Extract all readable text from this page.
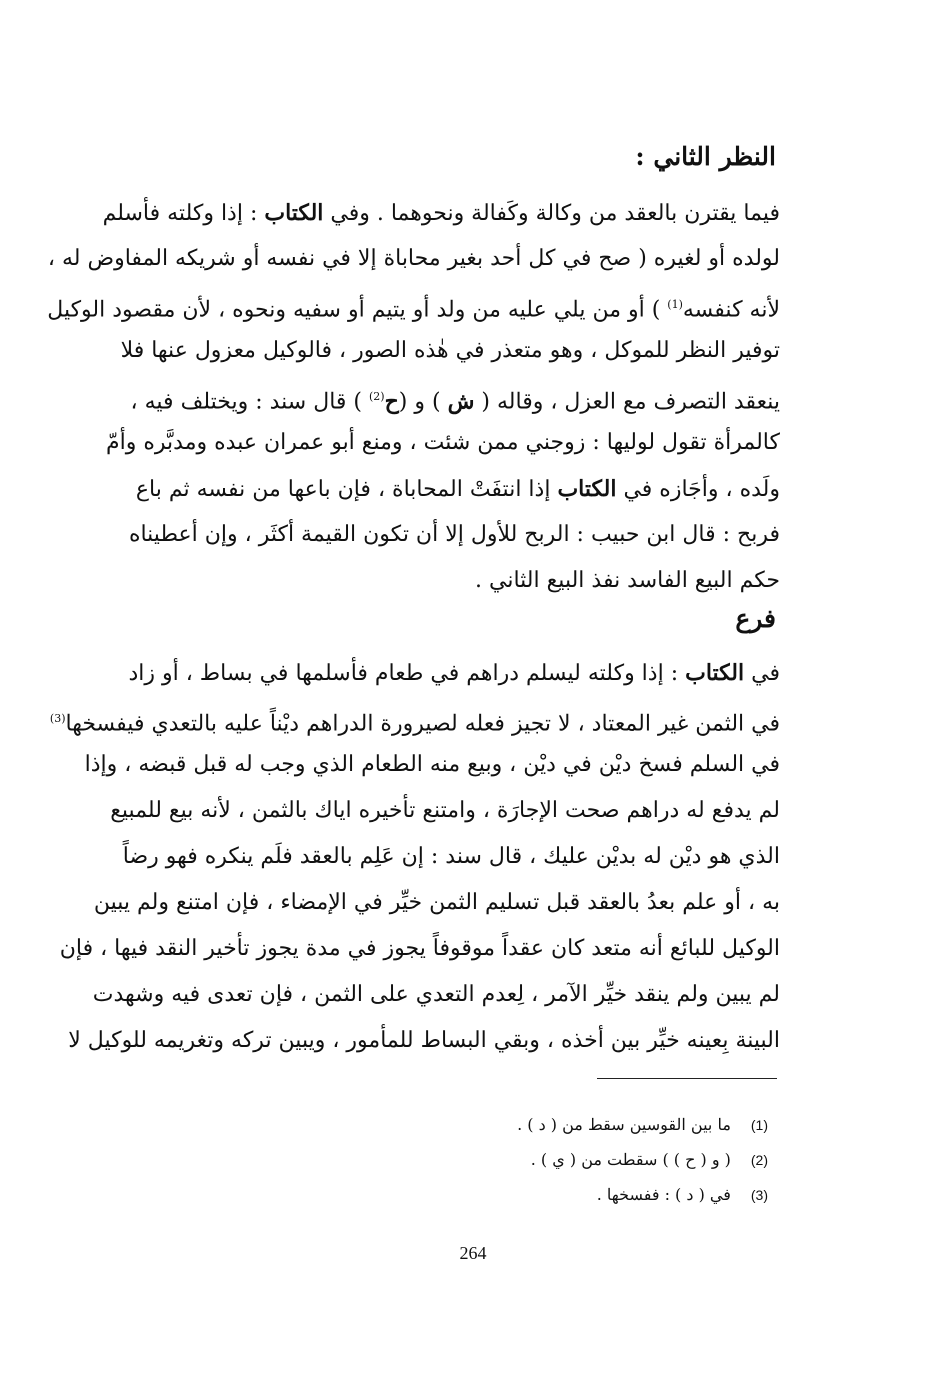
النظر الثاني :
فيما يقترن بالعقد من وكالة وكَفالة ونحوهما . وفي الكتاب : إذا وكلته فأسلم
لولده أو لغيره ( صح في كل أحد بغير محاباة إلا في نفسه أو شريكه المفاوض له ،
لأنه كنفسه$^{(1)}$ ) أو من يلي عليه من ولد أو يتيم أو سفيه ونحوه ، لأن مقصود الوكيل
توفير النظر للموكل ، وهو متعذر في هٰذه الصور ، فالوكيل معزول عنها فلا
ينعقد التصرف مع العزل ، وقاله ( ش ) و (ح$^{(2)}$ ) قال سند : ويختلف فيه ،
كالمرأة تقول لوليها : زوجني ممن شئت ، ومنع أبو عمران عبده ومدبَّره وأمّ
ولَده ، وأجَازه في الكتاب إذا انتفَتْ المحاباة ، فإن باعها من نفسه ثم باع
فربح : قال ابن حبيب : الربح للأول إلا أن تكون القيمة أكثَر ، وإن أعطيناه
حكم البيع الفاسد نفذ البيع الثاني .
في الكتاب : إذا وكلته ليسلم دراهم في طعام فأسلمها في بساط ، أو زاد
في الثمن غير المعتاد ، لا تجيز فعله لصيرورة الدراهم ديْناً عليه بالتعدي فيفسخها$^{(3)}$
في السلم فسخ ديْن في ديْن ، وبيع منه الطعام الذي وجب له قبل قبضه ، وإذا
لم يدفع له دراهم صحت الإجارَة ، وامتنع تأخيره اياك بالثمن ، لأنه بيع للمبيع
الذي هو ديْن له بديْن عليك ، قال سند : إن عَلِم بالعقد فلَم ينكره فهو رضاً
به ، أو علم بعدُ بالعقد قبل تسليم الثمن خيِّر في الإمضاء ، فإن امتنع ولم يبين
الوكيل للبائع أنه متعد كان عقداً موقوفاً يجوز في مدة يجوز تأخير النقد فيها ، فإن
لم يبين ولم ينقد خيِّر الآمر ، لِعدم التعدي على الثمن ، فإن تعدى فيه وشهدت
البينة بِعينه خيِّر بين أخذه ، وبقي البساط للمأمور ، ويبين تركه وتغريمه للوكيل لا
فرع
(1) ما بين القوسين سقط من ( د ) .
(2) ( و ( ح ) ) سقطت من ( ي ) .
(3) في ( د ) : ففسخها .
264
